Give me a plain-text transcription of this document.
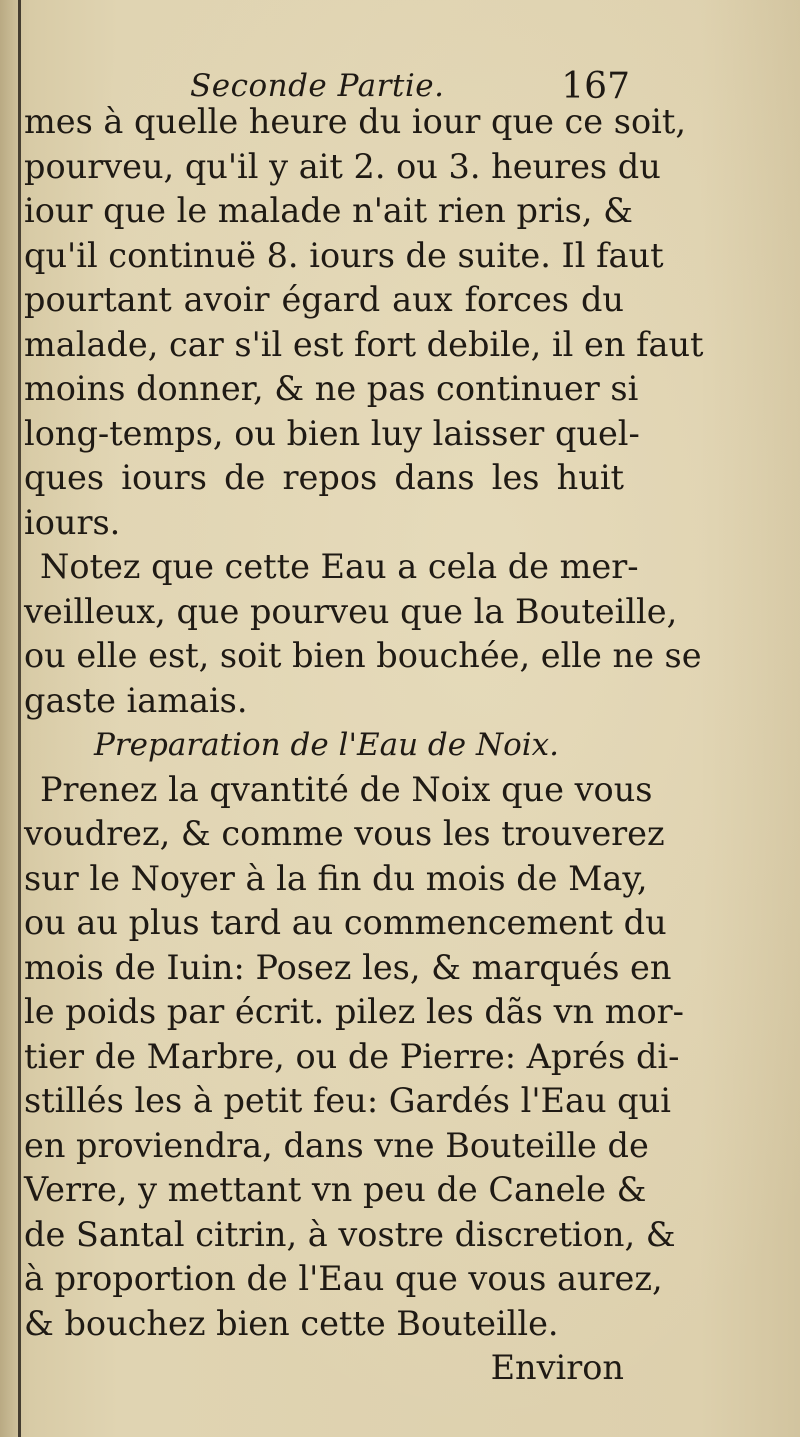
Seconde Partie.	167
mes à quelle heure du iour que ce soit,
pourveu, qu'il y ait 2. ou 3. heures du
iour que le malade n'ait rien pris, &
qu'il continuë 8. iours de suite. Il faut
pourtant avoir égard aux forces du
malade, car s'il est fort debile, il en faut
moins donner, & ne pas continuer si
long-temps, ou bien luy laisser quel-
ques iours de repos dans les huit
iours.
Notez que cette Eau a cela de mer-
veilleux, que pourveu que la Bouteille,
ou elle est, soit bien bouchée, elle ne se
gaste iamais.
Preparation de l'Eau de Noix.
Prenez la qvantité de Noix que vous
voudrez, & comme vous les trouverez
sur le Noyer à la fin du mois de May,
ou au plus tard au commencement du
mois de Iuin: Posez les, & marqués en
le poids par écrit. pilez les dãs vn mor-
tier de Marbre, ou de Pierre: Aprés di-
stillés les à petit feu: Gardés l'Eau qui
en proviendra, dans vne Bouteille de
Verre, y mettant vn peu de Canele &
de Santal citrin, à vostre discretion, &
à proportion de l'Eau que vous aurez,
& bouchez bien cette Bouteille.
Environ
